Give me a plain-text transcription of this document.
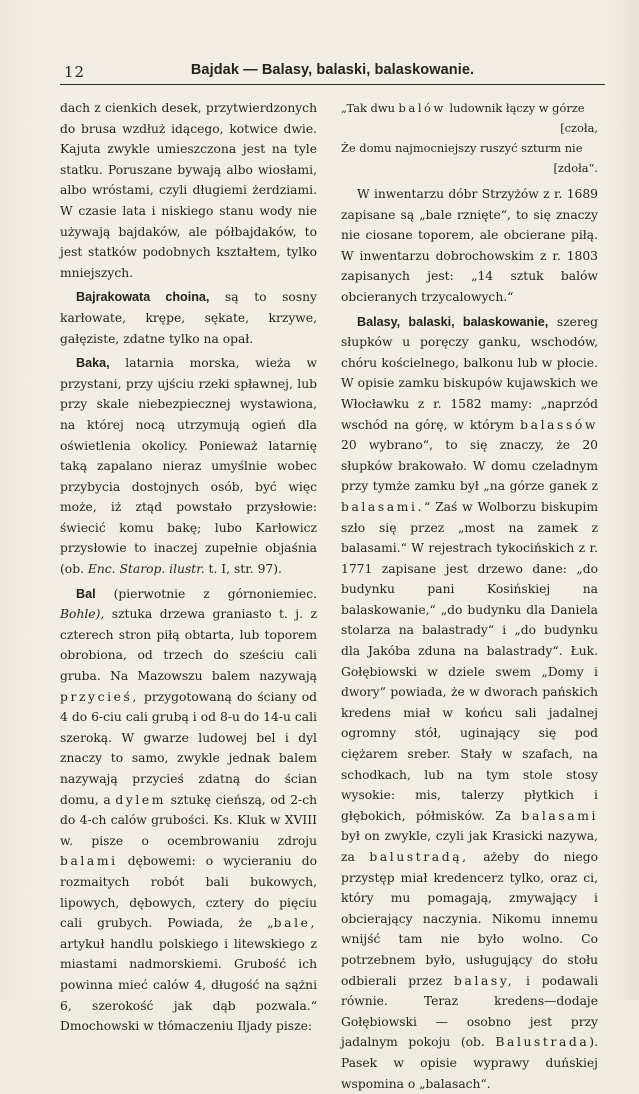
12	Bajdak — Balasy, balaski, balaskowanie.

dach z cienkich desek, przytwierdzonych do brusa wzdłuż idącego, kotwice dwie. Kajuta zwykle umieszczona jest na tyle statku. Poruszane bywają albo wiosłami, albo wróstami, czyli długiemi żerdziami. W czasie lata i niskiego stanu wody nie używają bajdaków, ale półbajdaków, to jest statków podobnych kształtem, tylko mniejszych.

Bajrakowata choina, są to sosny karłowate, krępe, sękate, krzywe, gałęziste, zdatne tylko na opał.

Baka, latarnia morska, wieża w przystani, przy ujściu rzeki spławnej, lub przy skale niebezpiecznej wystawiona, na której nocą utrzymują ogień dla oświetlenia okolicy. Ponieważ latarnię taką zapalano nieraz umyślnie wobec przybycia dostojnych osób, być więc może, iż ztąd powstało przysłowie: świecić komu bakę; lubo Karłowicz przysłowie to inaczej zupełnie objaśnia (ob. Enc. Starop. ilustr. t. I, str. 97).

Bal (pierwotnie z górnoniemiec. Bohle), sztuka drzewa graniasto t. j. z czterech stron piłą obtarta, lub toporem obrobiona, od trzech do sześciu cali gruba. Na Mazowszu balem nazywają przycieś, przygotowaną do ściany od 4 do 6-ciu cali grubą i od 8-u do 14-u cali szeroką. W gwarze ludowej bel i dyl znaczy to samo, zwykle jednak balem nazywają przycieś zdatną do ścian domu, a dylem sztukę cieńszą, od 2-ch do 4-ch calów grubości. Ks. Kluk w XVIII w. pisze o ocembrowaniu zdroju balami dębowemi: o wycieraniu do rozmaitych robót bali bukowych, lipowych, dębowych, cztery do pięciu cali grubych. Powiada, że „bale, artykuł handlu polskiego i litewskiego z miastami nadmorskiemi. Grubość ich powinna mieć calów 4, długość na sążni 6, szerokość jak dąb pozwala.“ Dmochowski w tłómaczeniu Iljady pisze:

„Tak dwu balów ludownik łączy w górze
[czoła,
Że domu najmocniejszy ruszyć szturm nie
[zdoła“.

W inwentarzu dóbr Strzyżów z r. 1689 zapisane są „bale rznięte“, to się znaczy nie ciosane toporem, ale obcierane piłą. W inwentarzu dobrochowskim z r. 1803 zapisanych jest: „14 sztuk balów obcieranych trzycalowych.“

Balasy, balaski, balaskowanie, szereg słupków u poręczy ganku, wschodów, chóru kościelnego, balkonu lub w płocie. W opisie zamku biskupów kujawskich we Włocławku z r. 1582 mamy: „naprzód wschód na górę, w którym balassów 20 wybrano“, to się znaczy, że 20 słupków brakowało. W domu czeladnym przy tymże zamku był „na górze ganek z balasami.“ Zaś w Wolborzu biskupim szło się przez „most na zamek z balasami.“ W rejestrach tykocińskich z r. 1771 zapisane jest drzewo dane: „do budynku pani Kosińskiej na balaskowanie,“ „do budynku dla Daniela stolarza na balastrady“ i „do budynku dla Jakóba zduna na balastrady“. Łuk. Gołębiowski w dziele swem „Domy i dwory“ powiada, że w dworach pańskich kredens miał w końcu sali jadalnej ogromny stół, uginający się pod ciężarem sreber. Stały w szafach, na schodkach, lub na tym stole stosy wysokie: mis, talerzy płytkich i głębokich, półmisków. Za balasami był on zwykle, czyli jak Krasicki nazywa, za balustradą, ażeby do niego przystęp miał kredencerz tylko, oraz ci, który mu pomagają, zmywający i obcierający naczynia. Nikomu innemu wnijść tam nie było wolno. Co potrzebnem było, usługujący do stołu odbierali przez balasy, i podawali równie. Teraz kredens—dodaje Gołębiowski — osobno jest przy jadalnym pokoju (ob. Balustrada). Pasek w opisie wyprawy duńskiej wspomina o „balasach“.
